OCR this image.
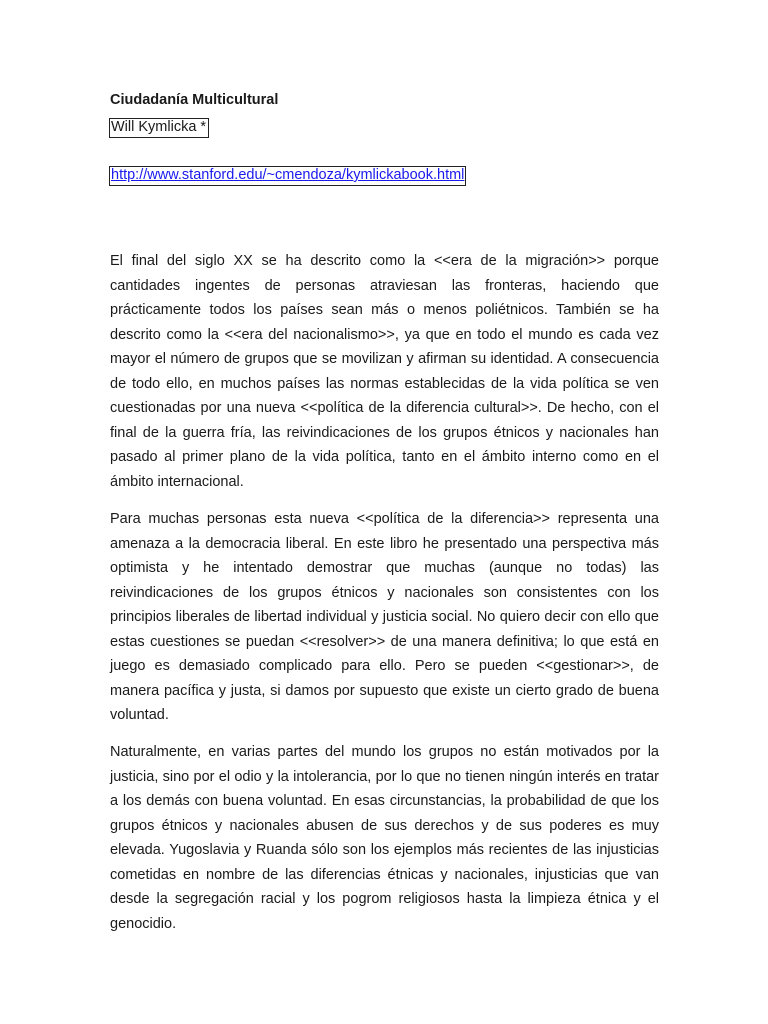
Ciudadanía Multicultural
Will Kymlicka *
http://www.stanford.edu/~cmendoza/kymlickabook.html

El final del siglo XX se ha descrito como la <<era de la migración>> porque cantidades ingentes de personas atraviesan las fronteras, haciendo que prácticamente todos los países sean más o menos poliétnicos. También se ha descrito como la <<era del nacionalismo>>, ya que en todo el mundo es cada vez mayor el número de grupos que se movilizan y afirman su identidad. A consecuencia de todo ello, en muchos países las normas establecidas de la vida política se ven cuestionadas por una nueva <<política de la diferencia cultural>>. De hecho, con el final de la guerra fría, las reivindicaciones de los grupos étnicos y nacionales han pasado al primer plano de la vida política, tanto en el ámbito interno como en el ámbito internacional.

Para muchas personas esta nueva <<política de la diferencia>> representa una amenaza a la democracia liberal. En este libro he presentado una perspectiva más optimista y he intentado demostrar que muchas (aunque no todas) las reivindicaciones de los grupos étnicos y nacionales son consistentes con los principios liberales de libertad individual y justicia social. No quiero decir con ello que estas cuestiones se puedan <<resolver>> de una manera definitiva; lo que está en juego es demasiado complicado para ello. Pero se pueden <<gestionar>>, de manera pacífica y justa, si damos por supuesto que existe un cierto grado de buena voluntad.

Naturalmente, en varias partes del mundo los grupos no están motivados por la justicia, sino por el odio y la intolerancia, por lo que no tienen ningún interés en tratar a los demás con buena voluntad. En esas circunstancias, la probabilidad de que los grupos étnicos y nacionales abusen de sus derechos y de sus poderes es muy elevada. Yugoslavia y Ruanda sólo son los ejemplos más recientes de las injusticias cometidas en nombre de las diferencias étnicas y nacionales, injusticias que van desde la segregación racial y los pogrom religiosos hasta la limpieza étnica y el genocidio.
